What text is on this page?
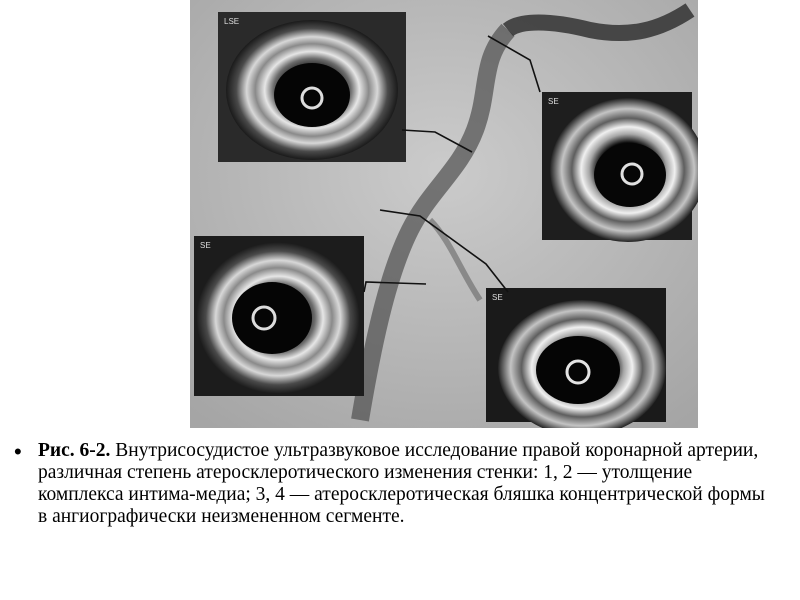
LSE
SE
SE
SE
• Рис. 6-2. Внутрисосудистое ультразвуковое исследование правой коронарной артерии, различная степень атеросклеротического изменения стенки: 1, 2 — утолщение комплекса интима-медиа; 3, 4 — атеросклеротическая бляшка концентрической формы в ангиографически неизмененном сегменте.
